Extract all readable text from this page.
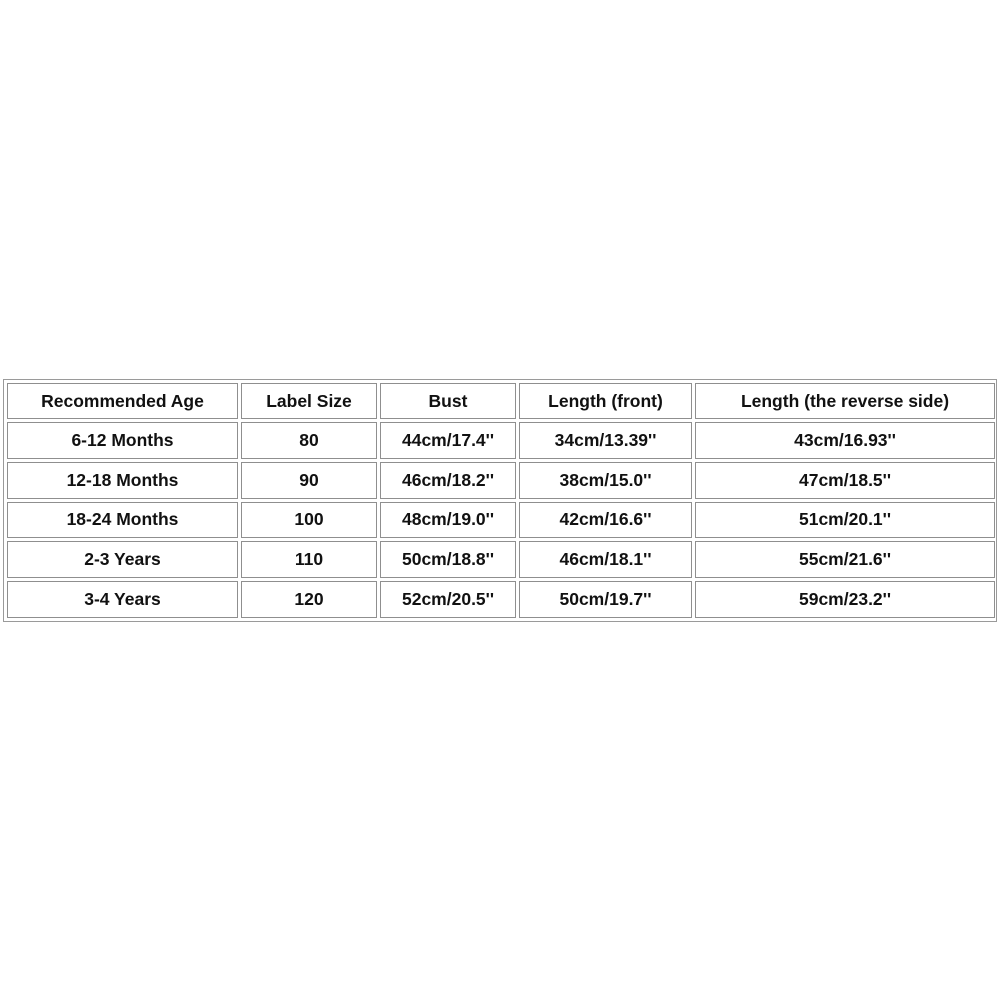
Recommended Age	Label Size	Bust	Length (front)	Length (the reverse side)
6-12 Months	80	44cm/17.4''	34cm/13.39''	43cm/16.93''
12-18 Months	90	46cm/18.2''	38cm/15.0''	47cm/18.5''
18-24 Months	100	48cm/19.0''	42cm/16.6''	51cm/20.1''
2-3 Years	110	50cm/18.8''	46cm/18.1''	55cm/21.6''
3-4 Years	120	52cm/20.5''	50cm/19.7''	59cm/23.2''
